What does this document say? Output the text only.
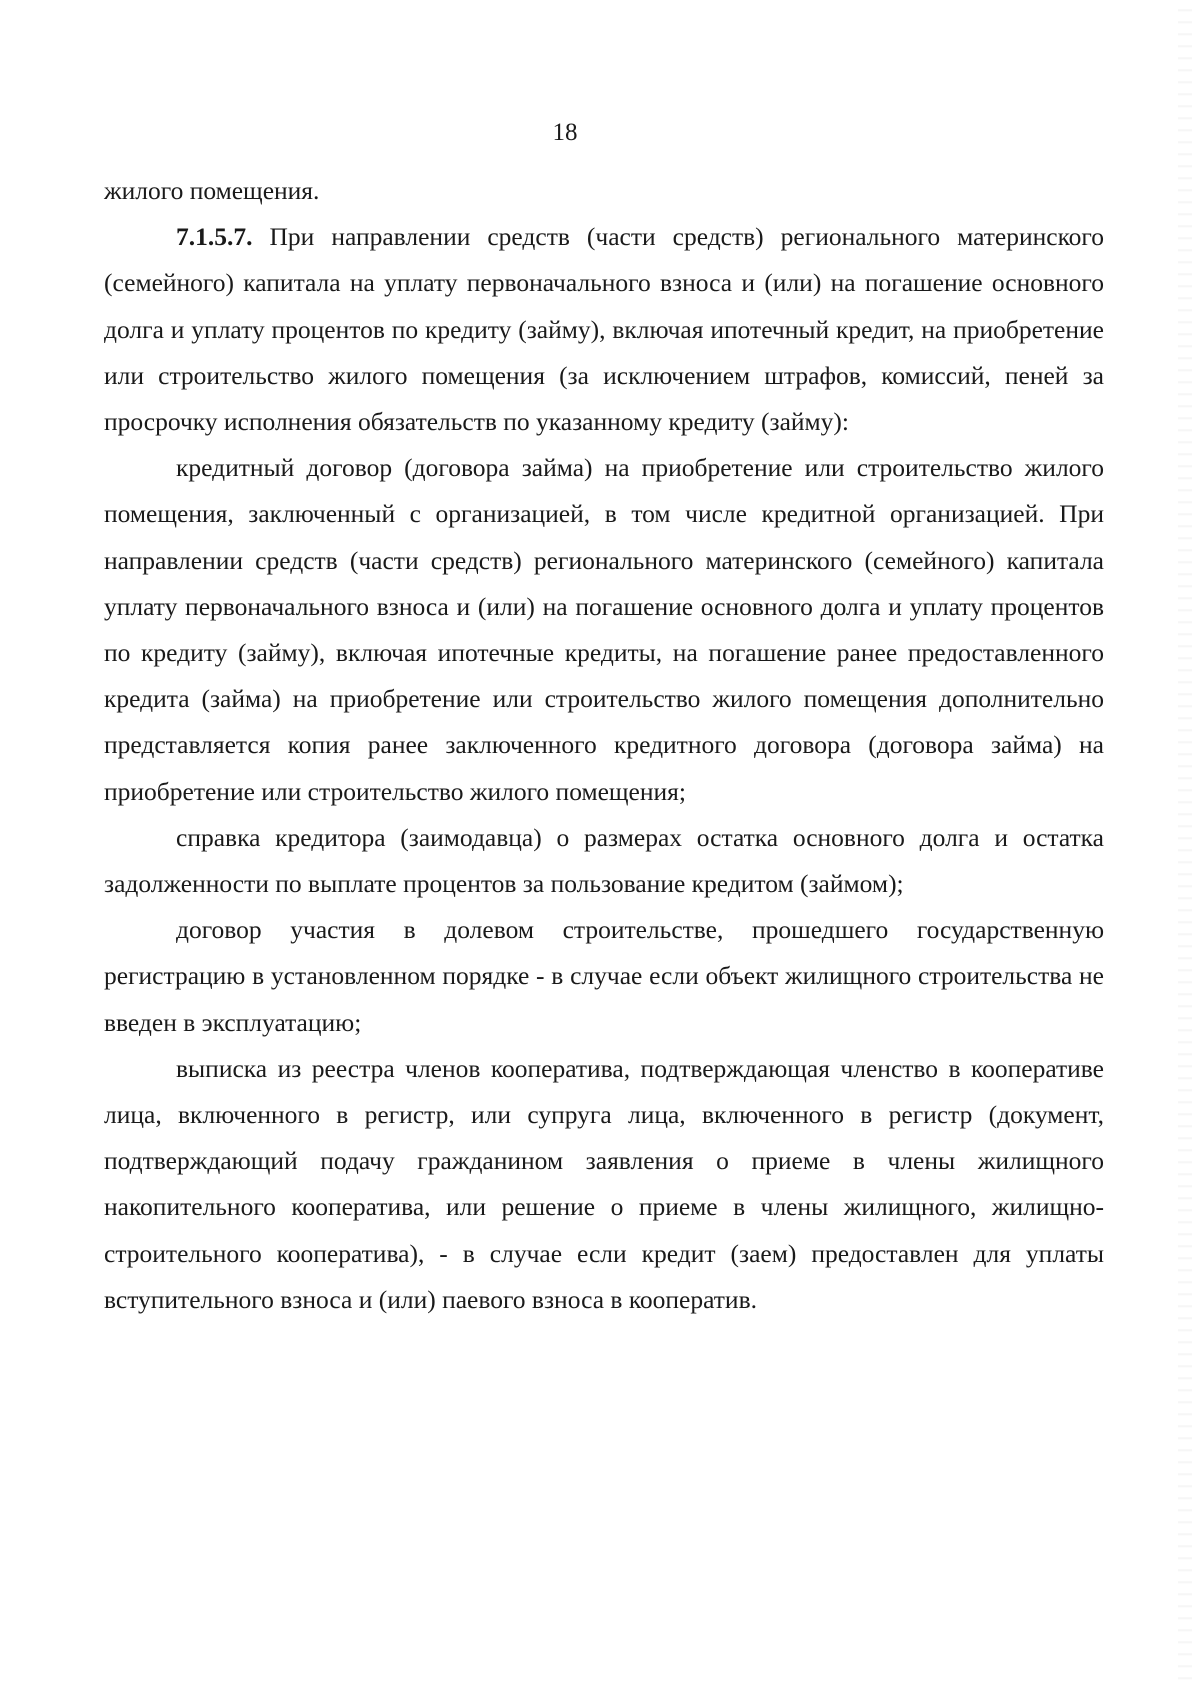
18

жилого помещения.

7.1.5.7. При направлении средств (части средств) регионального материнского (семейного) капитала на уплату первоначального взноса и (или) на погашение основного долга и уплату процентов по кредиту (займу), включая ипотечный кредит, на приобретение или строительство жилого помещения (за исключением штрафов, комиссий, пеней за просрочку исполнения обязательств по указанному кредиту (займу):

кредитный договор (договора займа) на приобретение или строительство жилого помещения, заключенный с организацией, в том числе кредитной организацией. При направлении средств (части средств) регионального материнского (семейного) капитала уплату первоначального взноса и (или) на погашение основного долга и уплату процентов по кредиту (займу), включая ипотечные кредиты, на погашение ранее предоставленного кредита (займа) на приобретение или строительство жилого помещения дополнительно представляется копия ранее заключенного кредитного договора (договора займа) на приобретение или строительство жилого помещения;

справка кредитора (заимодавца) о размерах остатка основного долга и остатка задолженности по выплате процентов за пользование кредитом (займом);

договор участия в долевом строительстве, прошедшего государственную регистрацию в установленном порядке - в случае если объект жилищного строительства не введен в эксплуатацию;

выписка из реестра членов кооператива, подтверждающая членство в кооперативе лица, включенного в регистр, или супруга лица, включенного в регистр (документ, подтверждающий подачу гражданином заявления о приеме в члены жилищного накопительного кооператива, или решение о приеме в члены жилищного, жилищно-строительного кооператива), - в случае если кредит (заем) предоставлен для уплаты вступительного взноса и (или) паевого взноса в кооператив.
